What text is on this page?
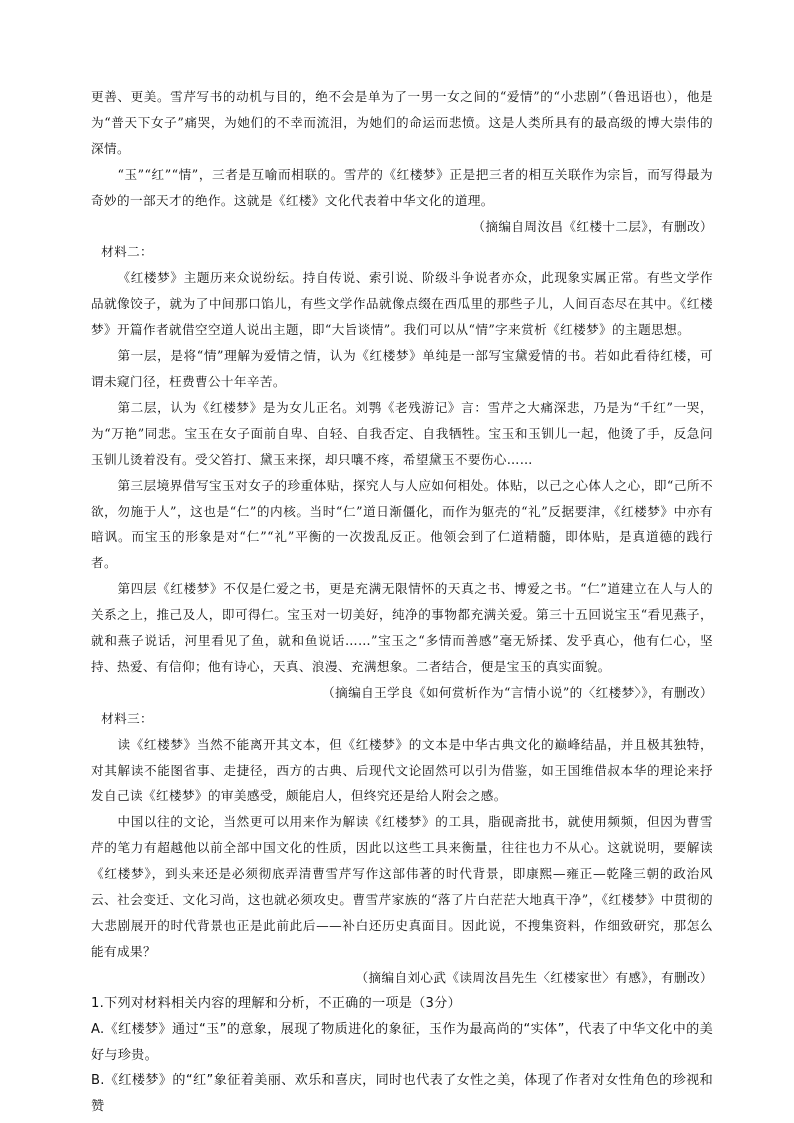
更善、更美。雪芹写书的动机与目的，绝不会是单为了一男一女之间的“爱情”的“小悲剧”（鲁迅语也），他是为“普天下女子”痛哭，为她们的不幸而流泪，为她们的命运而悲愤。这是人类所具有的最高级的博大崇伟的深情。

“玉”“红”“情”，三者是互喻而相联的。雪芹的《红楼梦》正是把三者的相互关联作为宗旨，而写得最为奇妙的一部天才的绝作。这就是《红楼》文化代表着中华文化的道理。

（摘编自周汝昌《红楼十二层》，有删改）

材料二：

《红楼梦》主题历来众说纷纭。持自传说、索引说、阶级斗争说者亦众，此现象实属正常。有些文学作品就像饺子，就为了中间那口馅儿，有些文学作品就像点缀在西瓜里的那些子儿，人间百态尽在其中。《红楼梦》开篇作者就借空空道人说出主题，即“大旨谈情”。我们可以从“情”字来赏析《红楼梦》的主题思想。

第一层，是将“情”理解为爱情之情，认为《红楼梦》单纯是一部写宝黛爱情的书。若如此看待红楼，可谓未窥门径，枉费曹公十年辛苦。

第二层，认为《红楼梦》是为女儿正名。刘鹗《老残游记》言：雪芹之大痛深悲，乃是为“千红”一哭，为“万艳”同悲。宝玉在女子面前自卑、自轻、自我否定、自我牺牲。宝玉和玉钏儿一起，他烫了手，反急问玉钏儿烫着没有。受父笞打、黛玉来探，却只嚷不疼，希望黛玉不要伤心……

第三层境界借写宝玉对女子的珍重体贴，探究人与人应如何相处。体贴，以己之心体人之心，即“己所不欲，勿施于人”，这也是“仁”的内核。当时“仁”道日渐僵化，而作为躯壳的“礼”反据要津，《红楼梦》中亦有暗讽。而宝玉的形象是对“仁”“礼”平衡的一次拨乱反正。他领会到了仁道精髓，即体贴，是真道德的践行者。

第四层《红楼梦》不仅是仁爱之书，更是充满无限情怀的天真之书、博爱之书。“仁”道建立在人与人的关系之上，推己及人，即可得仁。宝玉对一切美好，纯净的事物都充满关爱。第三十五回说宝玉“看见燕子，就和燕子说话，河里看见了鱼，就和鱼说话……”宝玉之“多情而善感”毫无矫揉、发乎真心，他有仁心，坚持、热爱、有信仰；他有诗心，天真、浪漫、充满想象。二者结合，便是宝玉的真实面貌。

（摘编自王学良《如何赏析作为“言情小说”的〈红楼梦〉》，有删改）

材料三：

读《红楼梦》当然不能离开其文本，但《红楼梦》的文本是中华古典文化的巅峰结晶，并且极其独特，对其解读不能图省事、走捷径，西方的古典、后现代文论固然可以引为借鉴，如王国维借叔本华的理论来抒发自己读《红楼梦》的审美感受，颇能启人，但终究还是给人附会之感。

中国以往的文论，当然更可以用来作为解读《红楼梦》的工具，脂砚斋批书，就使用频频，但因为曹雪芹的笔力有超越他以前全部中国文化的性质，因此以这些工具来衡量，往往也力不从心。这就说明，要解读《红楼梦》，到头来还是必须彻底弄清曹雪芹写作这部伟著的时代背景，即康熙—雍正—乾隆三朝的政治风云、社会变迁、文化习尚，这也就必须攻史。曹雪芹家族的“落了片白茫茫大地真干净”，《红楼梦》中贯彻的大悲剧展开的时代背景也正是此前此后——补白还历史真面目。因此说，不搜集资料，作细致研究，那怎么能有成果？

（摘编自刘心武《读周汝昌先生〈红楼家世〉有感》，有删改）

1.下列对材料相关内容的理解和分析，不正确的一项是（3分）

A.《红楼梦》通过“玉”的意象，展现了物质进化的象征，玉作为最高尚的“实体”，代表了中华文化中的美好与珍贵。

B.《红楼梦》的“红”象征着美丽、欢乐和喜庆，同时也代表了女性之美，体现了作者对女性角色的珍视和赞
